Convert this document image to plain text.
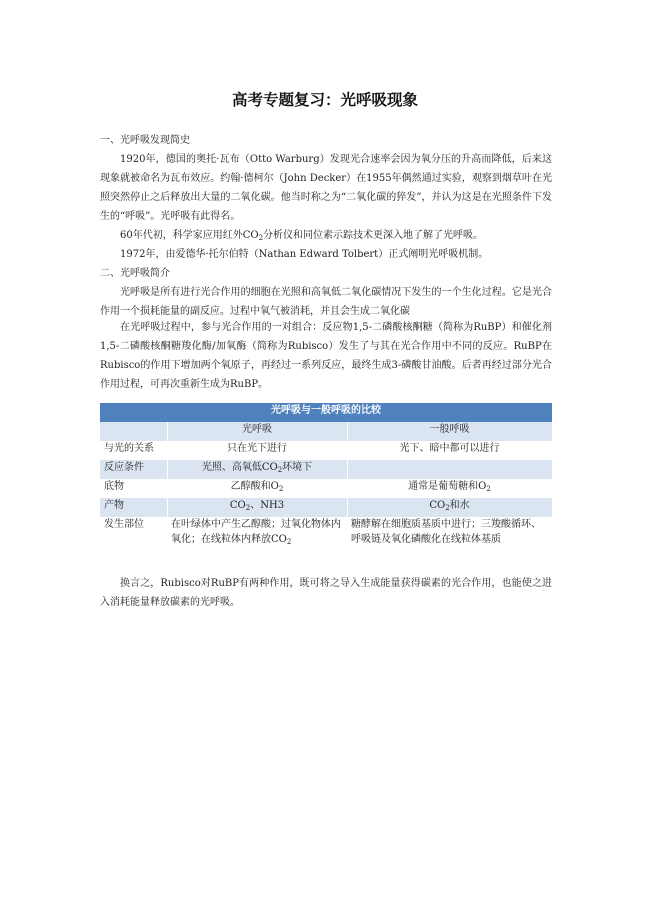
高考专题复习：光呼吸现象

一、光呼吸发现简史

1920年，德国的奥托·瓦布（Otto Warburg）发现光合速率会因为氧分压的升高而降低，后来这现象就被命名为瓦布效应。约翰·德柯尔（John Decker）在1955年偶然通过实验，观察到烟草叶在光照突然停止之后释放出大量的二氧化碳。他当时称之为“二氧化碳的猝发”，并认为这是在光照条件下发生的“呼吸”。光呼吸有此得名。

60年代初，科学家应用红外$CO_2$分析仪和同位素示踪技术更深入地了解了光呼吸。

1972年，由爱德华·托尔伯特（Nathan Edward Tolbert）正式阐明光呼吸机制。

二、光呼吸简介

光呼吸是所有进行光合作用的细胞在光照和高氧低二氧化碳情况下发生的一个生化过程。它是光合作用一个损耗能量的副反应。过程中氧气被消耗，并且会生成二氧化碳

在光呼吸过程中，参与光合作用的一对组合：反应物1,5-二磷酸核酮糖（简称为RuBP）和催化剂1,5-二磷酸核酮糖羧化酶/加氧酶（简称为Rubisco）发生了与其在光合作用中不同的反应。RuBP在Rubisco的作用下增加两个氧原子，再经过一系列反应，最终生成3-磷酸甘油酸。后者再经过部分光合作用过程，可再次重新生成为RuBP。

光呼吸与一般呼吸的比较		
	光呼吸	一般呼吸
与光的关系	只在光下进行	光下、暗中都可以进行
反应条件	光照、高氧低$CO_2$环境下	
底物	乙醇酸和$O_2$	通常是葡萄糖和$O_2$
产物	$CO_2$、NH3	$CO_2$和水
发生部位	在叶绿体中产生乙醇酸；过氧化物体内氧化；在线粒体内释放$CO_2$	糖酵解在细胞质基质中进行；三羧酸循环、呼吸链及氧化磷酸化在线粒体基质

换言之，Rubisco对RuBP有两种作用，既可将之导入生成能量获得碳素的光合作用，也能使之进入消耗能量释放碳素的光呼吸。
